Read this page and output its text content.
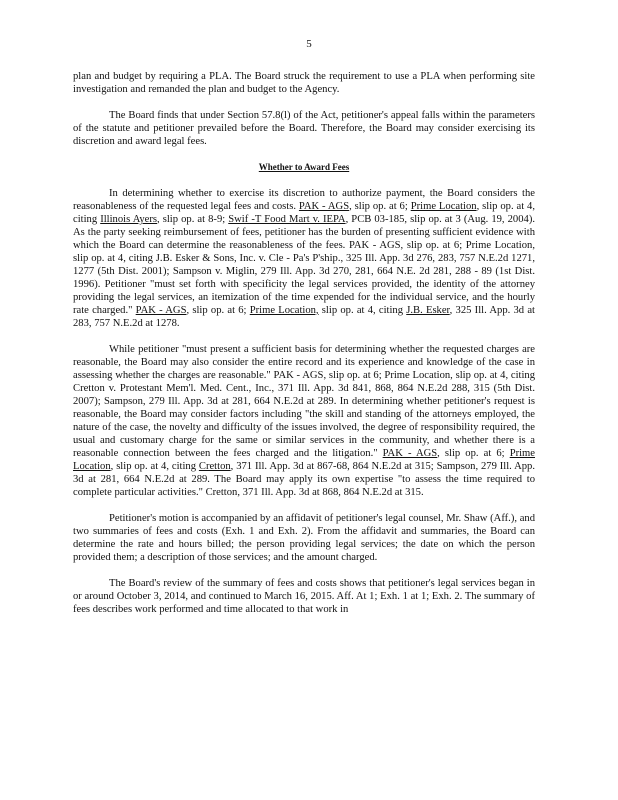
5

plan and budget by requiring a PLA. The Board struck the requirement to use a PLA when performing site investigation and remanded the plan and budget to the Agency.

The Board finds that under Section 57.8(l) of the Act, petitioner's appeal falls within the parameters of the statute and petitioner prevailed before the Board. Therefore, the Board may consider exercising its discretion and award legal fees.

Whether to Award Fees

In determining whether to exercise its discretion to authorize payment, the Board considers the reasonableness of the requested legal fees and costs. PAK - AGS, slip op. at 6; Prime Location, slip op. at 4, citing Illinois Ayers, slip op. at 8-9; Swif -T Food Mart v. IEPA, PCB 03-185, slip op. at 3 (Aug. 19, 2004). As the party seeking reimbursement of fees, petitioner has the burden of presenting sufficient evidence with which the Board can determine the reasonableness of the fees. PAK - AGS, slip op. at 6; Prime Location, slip op. at 4, citing J.B. Esker & Sons, Inc. v. Cle - Pa's P'ship., 325 Ill. App. 3d 276, 283, 757 N.E.2d 1271, 1277 (5th Dist. 2001); Sampson v. Miglin, 279 Ill. App. 3d 270, 281, 664 N.E. 2d 281, 288 - 89 (1st Dist. 1996). Petitioner "must set forth with specificity the legal services provided, the identity of the attorney providing the legal services, an itemization of the time expended for the individual service, and the hourly rate charged." PAK - AGS, slip op. at 6; Prime Location, slip op. at 4, citing J.B. Esker, 325 Ill. App. 3d at 283, 757 N.E.2d at 1278.

While petitioner "must present a sufficient basis for determining whether the requested charges are reasonable, the Board may also consider the entire record and its experience and knowledge of the case in assessing whether the charges are reasonable." PAK - AGS, slip op. at 6; Prime Location, slip op. at 4, citing Cretton v. Protestant Mem'l. Med. Cent., Inc., 371 Ill. App. 3d 841, 868, 864 N.E.2d 288, 315 (5th Dist. 2007); Sampson, 279 Ill. App. 3d at 281, 664 N.E.2d at 289. In determining whether petitioner's request is reasonable, the Board may consider factors including "the skill and standing of the attorneys employed, the nature of the case, the novelty and difficulty of the issues involved, the degree of responsibility required, the usual and customary charge for the same or similar services in the community, and whether there is a reasonable connection between the fees charged and the litigation." PAK - AGS, slip op. at 6; Prime Location, slip op. at 4, citing Cretton, 371 Ill. App. 3d at 867-68, 864 N.E.2d at 315; Sampson, 279 Ill. App. 3d at 281, 664 N.E.2d at 289. The Board may apply its own expertise "to assess the time required to complete particular activities." Cretton, 371 Ill. App. 3d at 868, 864 N.E.2d at 315.

Petitioner's motion is accompanied by an affidavit of petitioner's legal counsel, Mr. Shaw (Aff.), and two summaries of fees and costs (Exh. 1 and Exh. 2). From the affidavit and summaries, the Board can determine the rate and hours billed; the person providing legal services; the date on which the person provided them; a description of those services; and the amount charged.

The Board's review of the summary of fees and costs shows that petitioner's legal services began in or around October 3, 2014, and continued to March 16, 2015. Aff. At 1; Exh. 1 at 1; Exh. 2. The summary of fees describes work performed and time allocated to that work in
